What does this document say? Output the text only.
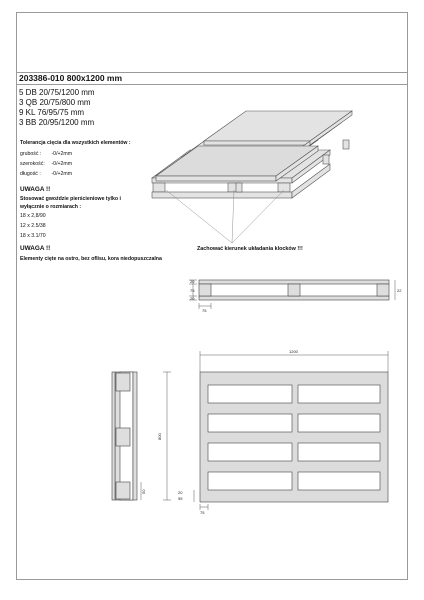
203386-010 800x1200 mm
5 DB 20/75/1200 mm
3 QB 20/75/800 mm
9 KL 76/95/75 mm
3 BB 20/95/1200 mm
Tolerancja cięcia dla wszystkich elementów :
grubość : -0/+2mm
szerokość: -0/+2mm
długość : -0/+2mm
UWAGA !!
Stosować gwoździe pierścieniowe tylko i
wyłącznie o rozmiarach :
18 x 2,8/90
12 x 2.5/38
18 x 3.1/70
UWAGA !!
Elementy cięte na ostro, bez oflisu, kora niedopuszczalna
Zachować kierunek układania klocków !!!
20
75
20
22
75
1200
20
95
75
800
50
